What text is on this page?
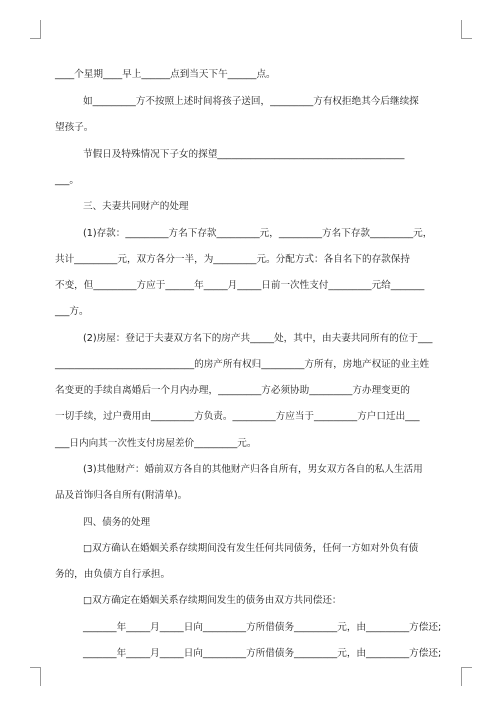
____个星期____早上______点到当天下午______点。
如_________方不按照上述时间将孩子送回，_________方有权拒绝其今后继续探
望孩子。
节假日及特殊情况下子女的探望_______________________________________
___。
三、夫妻共同财产的处理
(1)存款：_________方名下存款_________元，_________方名下存款_________元，
共计_________元，双方各分一半，为_________元。分配方式：各自名下的存款保持
不变，但_________方应于______年_____月_____日前一次性支付_________元给_______
___方。
(2)房屋：登记于夫妻双方名下的房产共_____处，其中，由夫妻共同所有的位于___
_____________________________的房产所有权归_________方所有，房地产权证的业主姓
名变更的手续自离婚后一个月内办理，_________方必须协助_________方办理变更的
一切手续，过户费用由_________方负责。_________方应当于_________方户口迁出___
___日内向其一次性支付房屋差价_________元。
(3)其他财产：婚前双方各自的其他财产归各自所有，男女双方各自的私人生活用
品及首饰归各自所有(附清单)。
四、债务的处理
□双方确认在婚姻关系存续期间没有发生任何共同债务，任何一方如对外负有债
务的，由负债方自行承担。
□双方确定在婚姻关系存续期间发生的债务由双方共同偿还：
_______年_____月_____日向_________方所借债务_________元，由_________方偿还;
_______年_____月_____日向_________方所借债务_________元，由_________方偿还;
